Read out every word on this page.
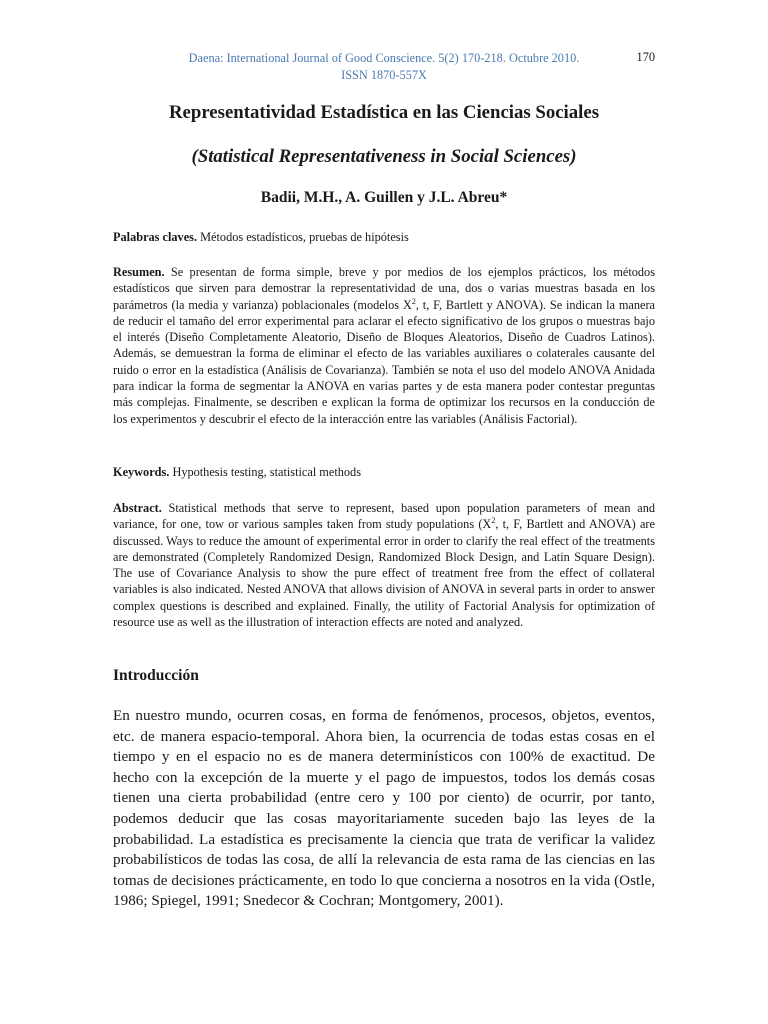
Daena: International Journal of Good Conscience. 5(2) 170-218. Octubre 2010.
ISSN 1870-557X
170
Representatividad Estadística en las Ciencias Sociales
(Statistical Representativeness in Social Sciences)
Badii, M.H., A. Guillen y J.L. Abreu*
Palabras claves. Métodos estadísticos, pruebas de hipótesis
Resumen. Se presentan de forma simple, breve y por medios de los ejemplos prácticos, los métodos estadísticos que sirven para demostrar la representatividad de una, dos o varias muestras basada en los parámetros (la media y varianza) poblacionales (modelos $X^2$, t, F, Bartlett y ANOVA). Se indican la manera de reducir el tamaño del error experimental para aclarar el efecto significativo de los grupos o muestras bajo el interés (Diseño Completamente Aleatorio, Diseño de Bloques Aleatorios, Diseño de Cuadros Latinos). Además, se demuestran la forma de eliminar el efecto de las variables auxiliares o colaterales causante del ruido o error en la estadística (Análisis de Covarianza). También se nota el uso del modelo ANOVA Anidada para indicar la forma de segmentar la ANOVA en varias partes y de esta manera poder contestar preguntas más complejas. Finalmente, se describen e explican la forma de optimizar los recursos en la conducción de los experimentos y descubrir el efecto de la interacción entre las variables (Análisis Factorial).
Keywords. Hypothesis testing, statistical methods
Abstract. Statistical methods that serve to represent, based upon population parameters of mean and variance, for one, tow or various samples taken from study populations ($X^2$, t, F, Bartlett and ANOVA) are discussed. Ways to reduce the amount of experimental error in order to clarify the real effect of the treatments are demonstrated (Completely Randomized Design, Randomized Block Design, and Latin Square Design). The use of Covariance Analysis to show the pure effect of treatment free from the effect of collateral variables is also indicated. Nested ANOVA that allows division of ANOVA in several parts in order to answer complex questions is described and explained. Finally, the utility of Factorial Analysis for optimization of resource use as well as the illustration of interaction effects are noted and analyzed.
Introducción
En nuestro mundo, ocurren cosas, en forma de fenómenos, procesos, objetos, eventos, etc. de manera espacio-temporal. Ahora bien, la ocurrencia de todas estas cosas en el tiempo y en el espacio no es de manera determinísticos con 100% de exactitud. De hecho con la excepción de la muerte y el pago de impuestos, todos los demás cosas tienen una cierta probabilidad (entre cero y 100 por ciento) de ocurrir, por tanto, podemos deducir que las cosas mayoritariamente suceden bajo las leyes de la probabilidad. La estadística es precisamente la ciencia que trata de verificar la validez probabilísticos de todas las cosa, de allí la relevancia de esta rama de las ciencias en las tomas de decisiones prácticamente, en todo lo que concierna a nosotros en la vida (Ostle, 1986; Spiegel, 1991; Snedecor & Cochran; Montgomery, 2001).
